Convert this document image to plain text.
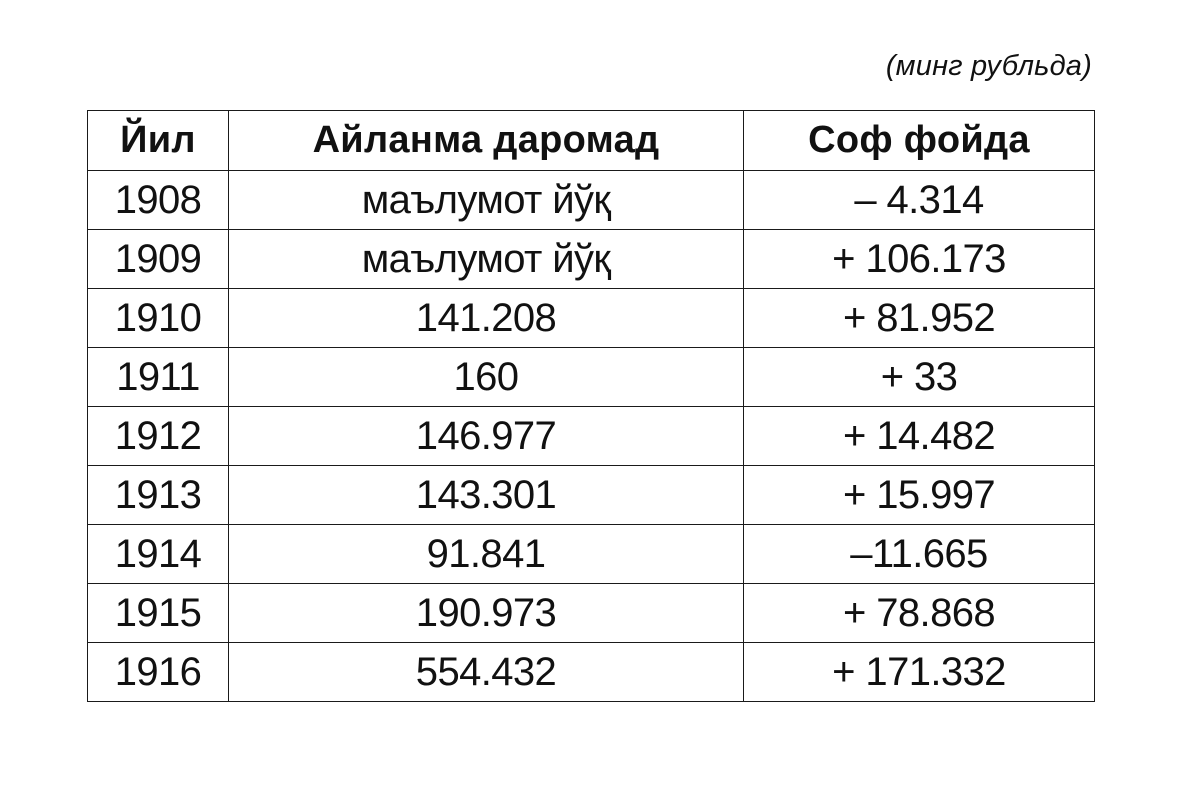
(минг рубльда)
Йил	Айланма даромад	Соф фойда
1908	маълумот йўқ	– 4.314
1909	маълумот йўқ	+ 106.173
1910	141.208	+ 81.952
1911	160	+ 33
1912	146.977	+ 14.482
1913	143.301	+ 15.997
1914	91.841	–11.665
1915	190.973	+ 78.868
1916	554.432	+ 171.332
